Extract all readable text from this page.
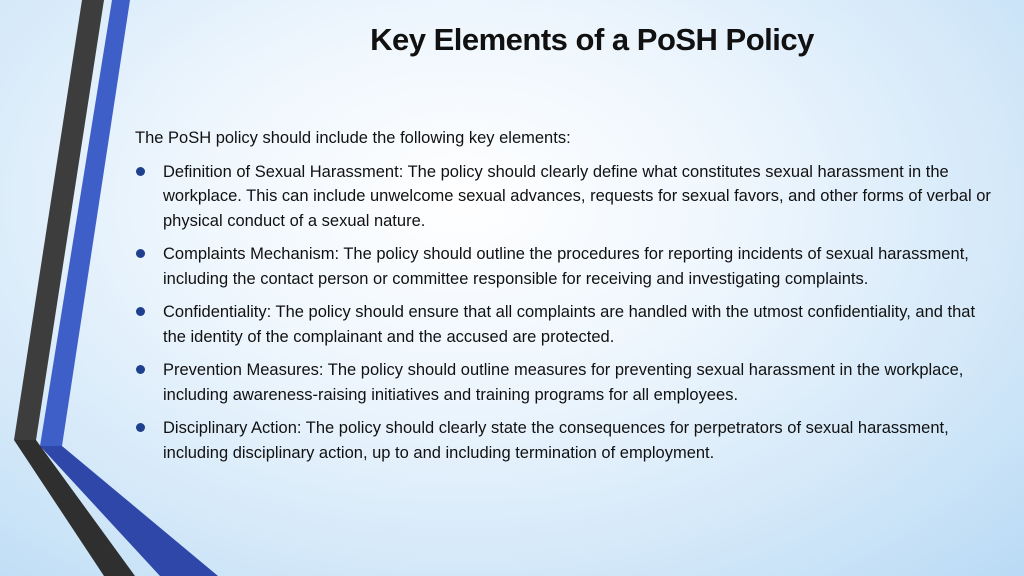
Key Elements of a PoSH Policy

The PoSH policy should include the following key elements:

Definition of Sexual Harassment: The policy should clearly define what constitutes sexual harassment in the workplace. This can include unwelcome sexual advances, requests for sexual favors, and other forms of verbal or physical conduct of a sexual nature.
Complaints Mechanism: The policy should outline the procedures for reporting incidents of sexual harassment, including the contact person or committee responsible for receiving and investigating complaints.
Confidentiality: The policy should ensure that all complaints are handled with the utmost confidentiality, and that the identity of the complainant and the accused are protected.
Prevention Measures: The policy should outline measures for preventing sexual harassment in the workplace, including awareness-raising initiatives and training programs for all employees.
Disciplinary Action: The policy should clearly state the consequences for perpetrators of sexual harassment, including disciplinary action, up to and including termination of employment.
